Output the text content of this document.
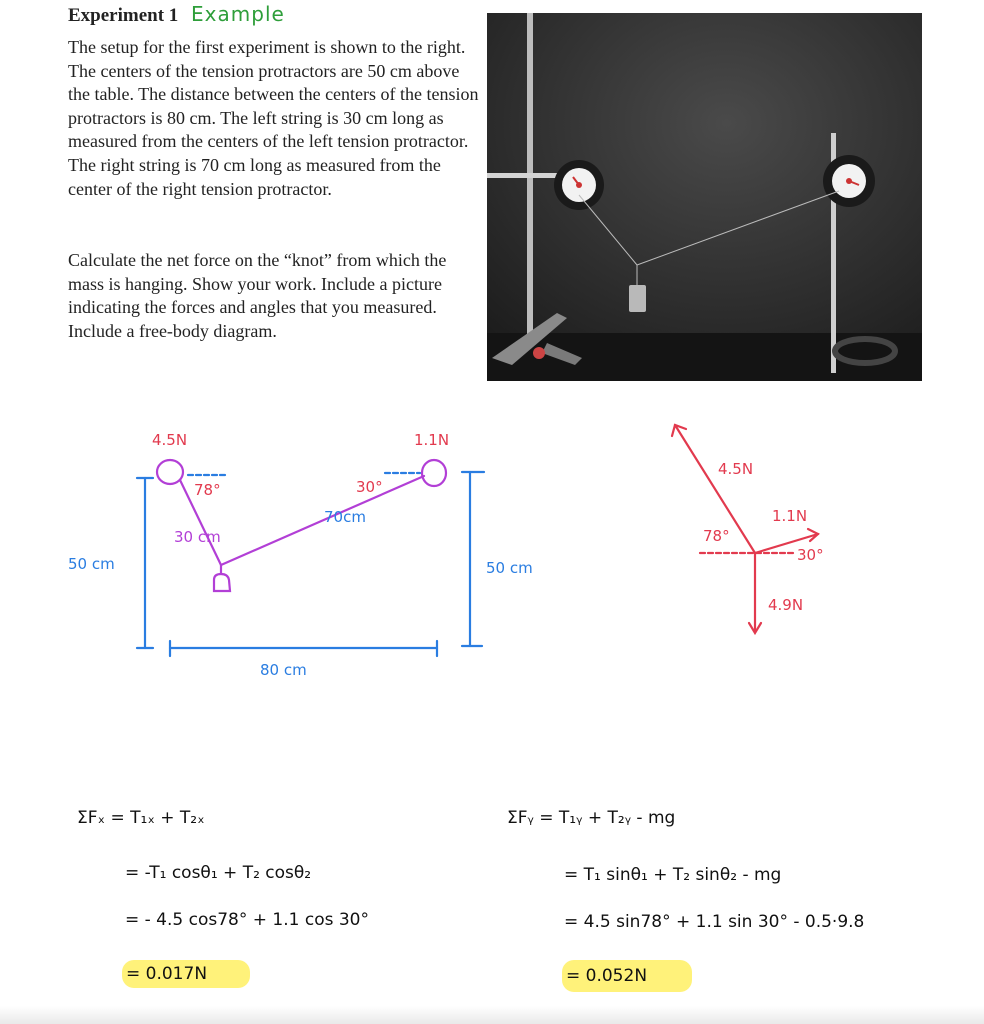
Experiment 1 Example

The setup for the first experiment is shown to the right. The centers of the tension protractors are 50 cm above the table. The distance between the centers of the tension protractors is 80 cm. The left string is 30 cm long as measured from the centers of the left tension protractor. The right string is 70 cm long as measured from the center of the right tension protractor.

Calculate the net force on the “knot” from which the mass is hanging. Show your work. Include a picture indicating the forces and angles that you measured. Include a free-body diagram.

4.5N	1.1N
78°	30°
30 cm
70cm
50 cm	50 cm
80 cm
4.5N
1.1N
4.9N
78°
30°
ΣFₓ = T₁ₓ + T₂ₓ
= -T₁ cosθ₁ + T₂ cosθ₂
= - 4.5 cos78° + 1.1 cos 30°
= 0.017N
ΣFᵧ = T₁ᵧ + T₂ᵧ - mg
= T₁ sinθ₁ + T₂ sinθ₂ - mg
= 4.5 sin78° + 1.1 sin 30° - 0.5·9.8
= 0.052N
